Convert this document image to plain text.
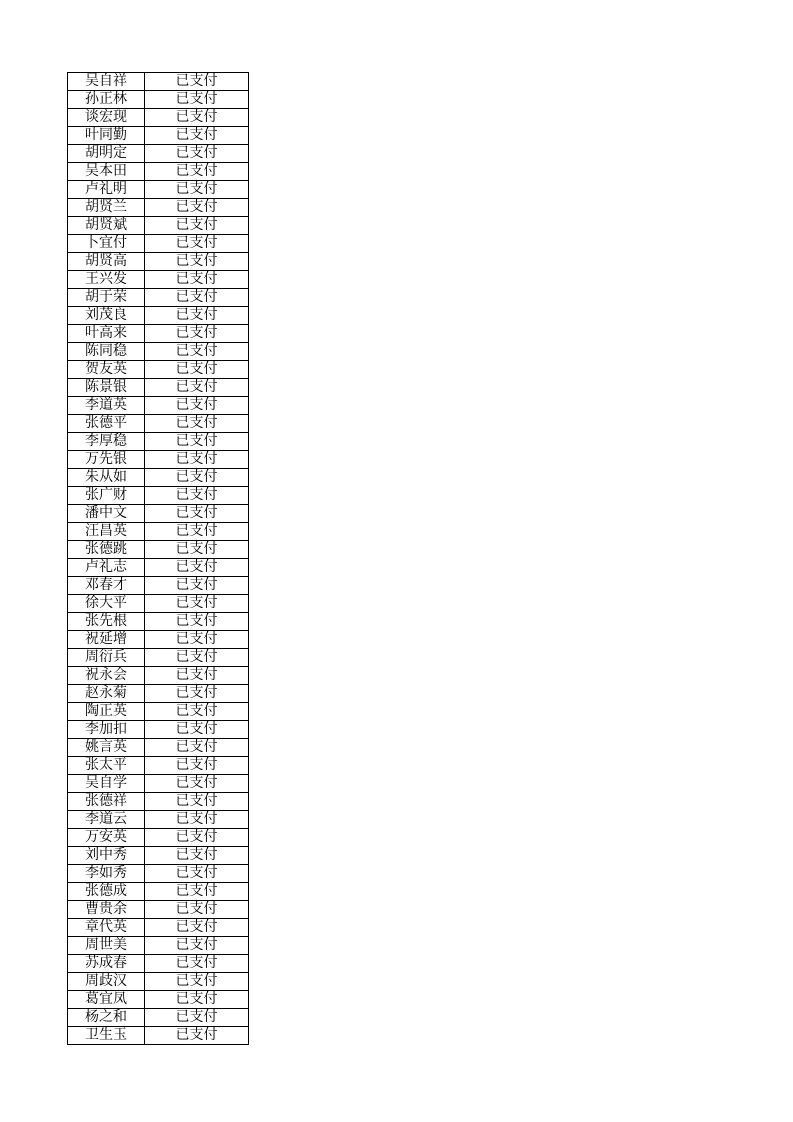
吴自祥	已支付
孙正林	已支付
谈宏现	已支付
叶同勤	已支付
胡明定	已支付
吴本田	已支付
卢礼明	已支付
胡贤兰	已支付
胡贤斌	已支付
卜宜付	已支付
胡贤高	已支付
王兴发	已支付
胡于荣	已支付
刘茂良	已支付
叶高来	已支付
陈同稳	已支付
贺友英	已支付
陈景银	已支付
李道英	已支付
张德平	已支付
李厚稳	已支付
万先银	已支付
朱从如	已支付
张广财	已支付
潘中文	已支付
汪昌英	已支付
张德跳	已支付
卢礼志	已支付
邓春才	已支付
徐大平	已支付
张先根	已支付
祝延增	已支付
周衍兵	已支付
祝永会	已支付
赵永菊	已支付
陶正英	已支付
李加扣	已支付
姚言英	已支付
张太平	已支付
吴自学	已支付
张德祥	已支付
李道云	已支付
万安英	已支付
刘中秀	已支付
李如秀	已支付
张德成	已支付
曹贵余	已支付
章代英	已支付
周世美	已支付
苏成春	已支付
周歧汉	已支付
葛宜凤	已支付
杨之和	已支付
卫生玉	已支付
